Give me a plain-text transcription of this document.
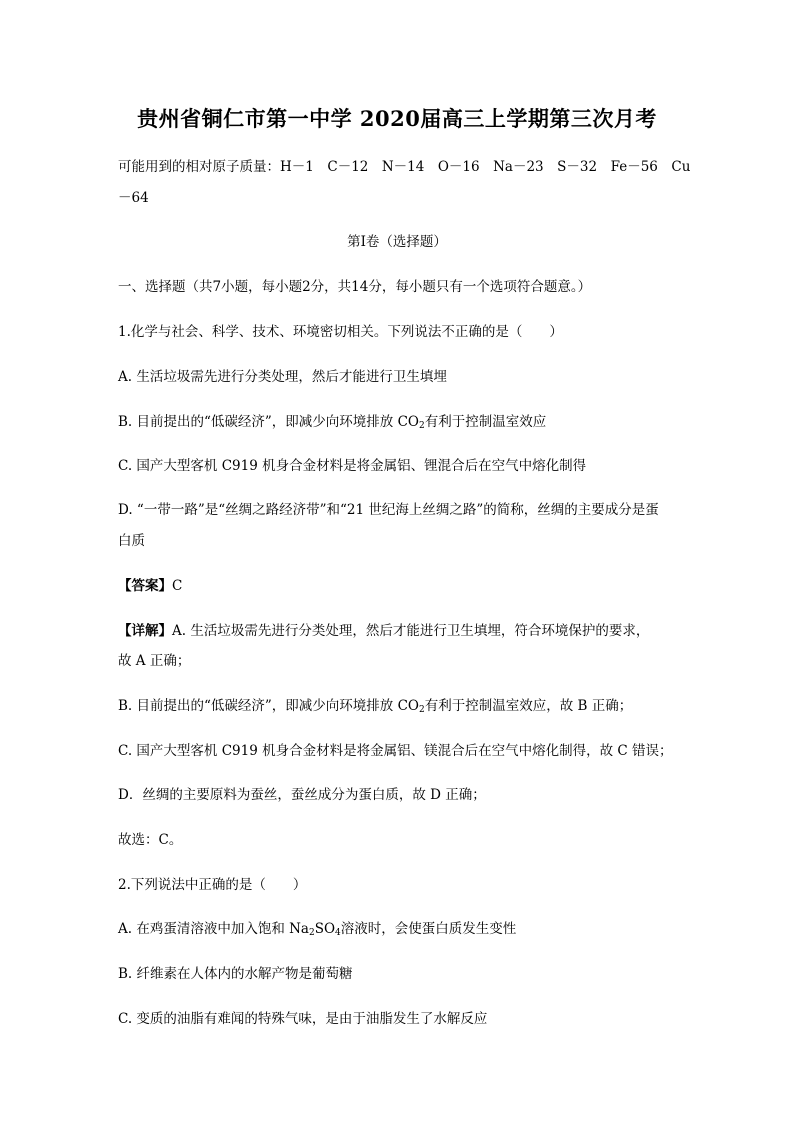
贵州省铜仁市第一中学 2020届高三上学期第三次月考
可能用到的相对原子质量：H－1　C－12　N－14　O－16　Na－23　S－32　Fe－56　Cu
－64
第Ⅰ卷（选择题）
一、选择题（共7小题，每小题2分，共14分，每小题只有一个选项符合题意。）
1.化学与社会、科学、技术、环境密切相关。下列说法不正确的是（　　）
A. 生活垃圾需先进行分类处理，然后才能进行卫生填埋
B. 目前提出的“低碳经济”，即减少向环境排放 $CO_2$有利于控制温室效应
C. 国产大型客机 C919 机身合金材料是将金属铝、锂混合后在空气中熔化制得
D. “一带一路”是“丝绸之路经济带”和“21 世纪海上丝绸之路”的简称，丝绸的主要成分是蛋
白质
【答案】C
【详解】A. 生活垃圾需先进行分类处理，然后才能进行卫生填埋，符合环境保护的要求，
故 A 正确；
B. 目前提出的“低碳经济”，即减少向环境排放 $CO_2$有利于控制温室效应，故 B 正确；
C. 国产大型客机 C919 机身合金材料是将金属铝、镁混合后在空气中熔化制得，故 C 错误；
D．丝绸的主要原料为蚕丝，蚕丝成分为蛋白质，故 D 正确；
故选：C。
2.下列说法中正确的是（　　）
A. 在鸡蛋清溶液中加入饱和 $Na_2SO_4$溶液时，会使蛋白质发生变性
B. 纤维素在人体内的水解产物是葡萄糖
C. 变质的油脂有难闻的特殊气味，是由于油脂发生了水解反应
